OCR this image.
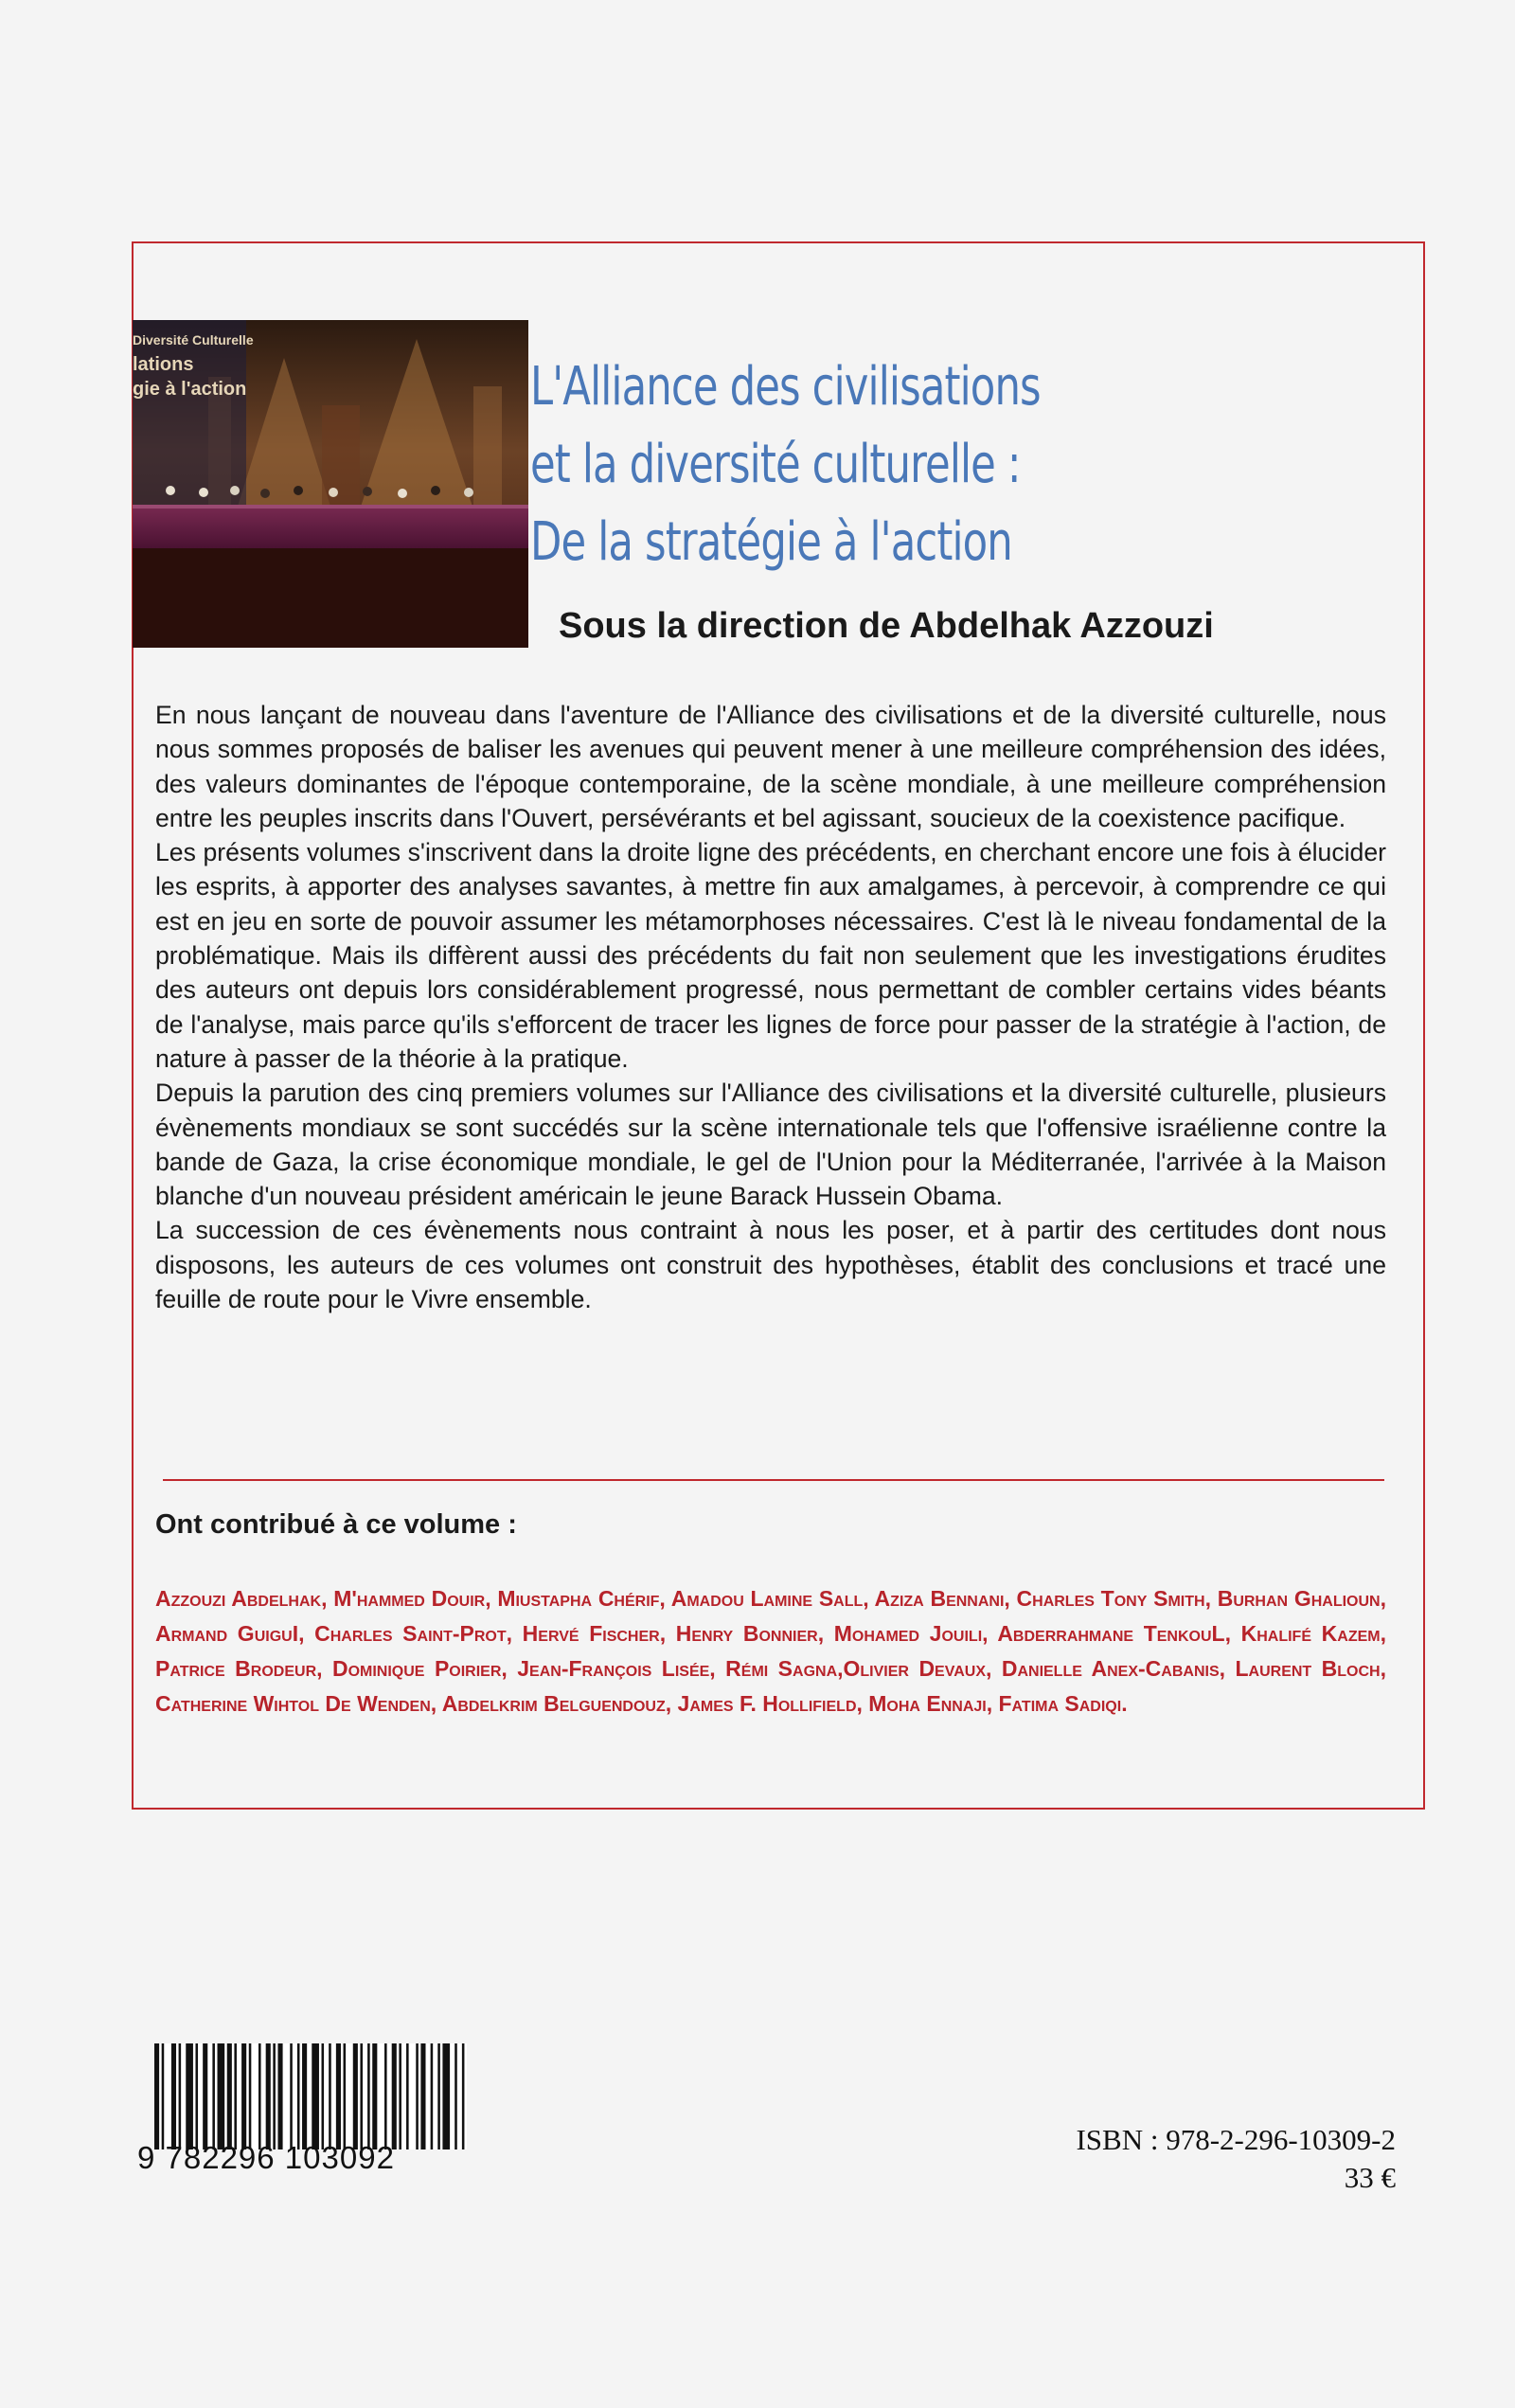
Diversité Culturelle
lations
gie à l'action	L'Alliance des civilisations
et la diversité culturelle :
De la stratégie à l'action
Sous la direction de Abdelhak Azzouzi

En nous lançant de nouveau dans l'aventure de l'Alliance des civilisations et de la diversité culturelle, nous nous sommes proposés de baliser les avenues qui peuvent mener à une meilleure compréhension des idées, des valeurs dominantes de l'époque contemporaine, de la scène mondiale, à une meilleure compréhension entre les peuples inscrits dans l'Ouvert, persévérants et bel agissant, soucieux de la coexistence pacifique.

Les présents volumes s'inscrivent dans la droite ligne des précédents, en cherchant encore une fois à élucider les esprits, à apporter des analyses savantes, à mettre fin aux amalgames, à percevoir, à comprendre ce qui est en jeu en sorte de pouvoir assumer les métamorphoses nécessaires. C'est là le niveau fondamental de la problématique. Mais ils diffèrent aussi des précédents du fait non seulement que les investigations érudites des auteurs ont depuis lors considérablement progressé, nous permettant de combler certains vides béants de l'analyse, mais parce qu'ils s'efforcent de tracer les lignes de force pour passer de la stratégie à l'action, de nature à passer de la théorie à la pratique.

Depuis la parution des cinq premiers volumes sur l'Alliance des civilisations et la diversité culturelle, plusieurs évènements mondiaux se sont succédés sur la scène internationale tels que l'offensive israélienne contre la bande de Gaza, la crise économique mondiale, le gel de l'Union pour la Méditerranée, l'arrivée à la Maison blanche d'un nouveau président américain le jeune Barack Hussein Obama.

La succession de ces évènements nous contraint à nous les poser, et à partir des certitudes dont nous disposons, les auteurs de ces volumes ont construit des hypothèses, établit des conclusions et tracé une feuille de route pour le Vivre ensemble.

Ont contribué à ce volume :
Azzouzi Abdelhak, M'hammed Douir, Miustapha Chérif, Amadou Lamine Sall, Aziza Bennani, Charles Tony Smith, Burhan Ghalioun, Armand GuiguI, Charles Saint-Prot, Hervé Fischer, Henry Bonnier, Mohamed Jouili, Abderrahmane TenkouL, Khalifé Kazem, Patrice Brodeur, Dominique Poirier, Jean-François Lisée, Rémi Sagna,Olivier Devaux, Danielle Anex-Cabanis, Laurent Bloch, Catherine Wihtol De Wenden, Abdelkrim Belguendouz, James F. Hollifield, Moha Ennaji, Fatima Sadiqi.
9 782296 103092
ISBN : 978-2-296-10309-2
33 €
